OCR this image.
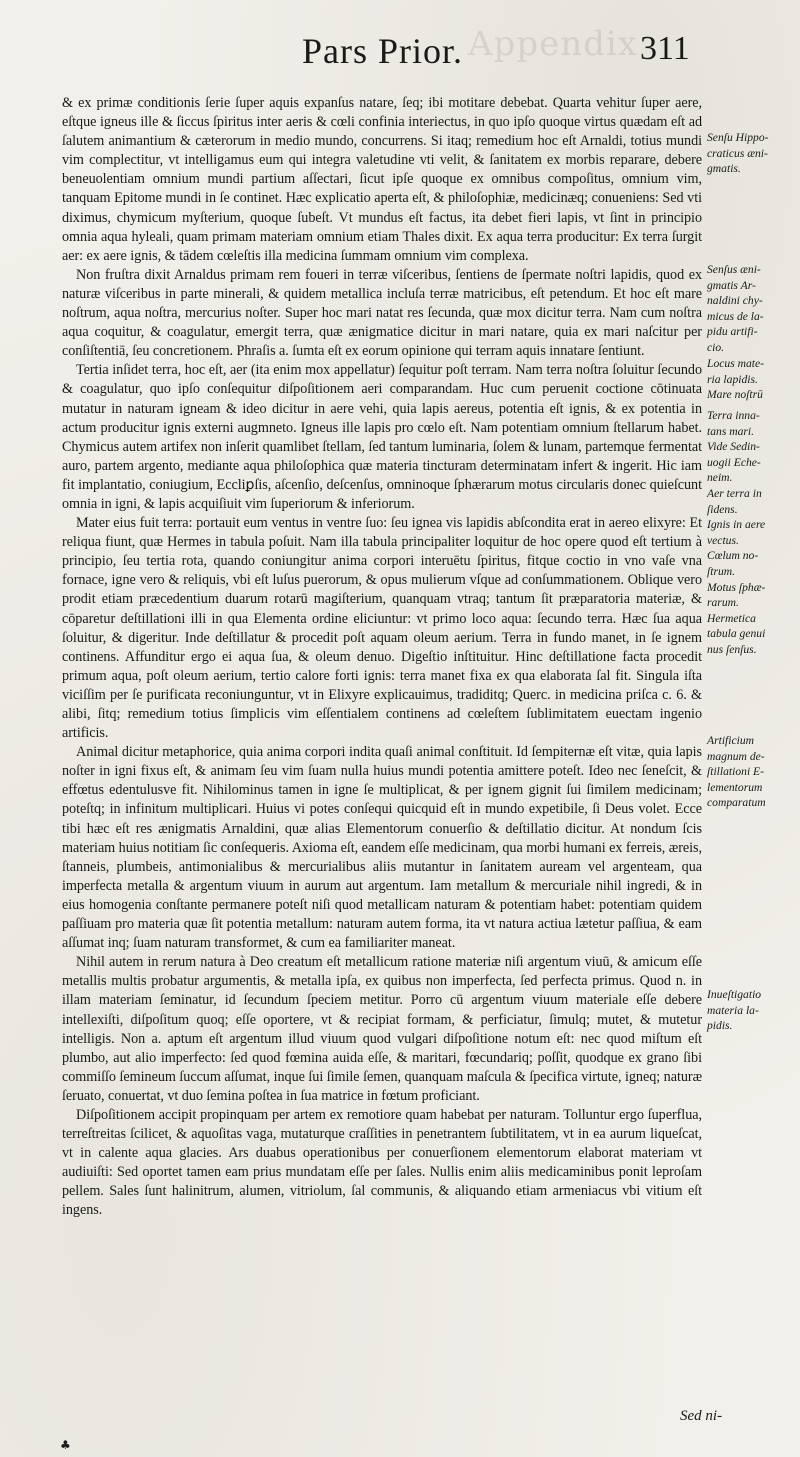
Appendix
Pars Prior.	311

& ex primæ conditionis ſerie ſuper aquis expanſus natare, ſeq; ibi motitare debebat. Quarta vehitur ſuper aere, eſtque igneus ille & ſiccus ſpiritus inter aeris & cœli confinia interiectus, in quo ipſo quoque virtus quædam eſt ad ſalutem animantium & cæterorum in medio mundo, concurrens. Si itaq; remedium hoc eſt Arnaldi, totius mundi vim complectitur, vt intelligamus eum qui integra valetudine vti velit, & ſanitatem ex morbis reparare, debere beneuolentiam omnium mundi partium aſſectari, ſicut ipſe quoque ex omnibus compoſitus, omnium vim, tanquam Epitome mundi in ſe continet. Hæc explicatio aperta eſt, & philoſophiæ, medicinæq; conueniens: Sed vti diximus, chymicum myſterium, quoque ſubeſt. Vt mundus eſt factus, ita debet fieri lapis, vt ſint in principio omnia aqua hyleali, quam primam materiam omnium etiam Thales dixit. Ex aqua terra producitur: Ex terra ſurgit aer: ex aere ignis, & tādem cœleſtis illa medicina ſummam omnium vim complexa.

Non fruſtra dixit Arnaldus primam rem foueri in terræ viſceribus, ſentiens de ſpermate noſtri lapidis, quod ex naturæ viſceribus in parte minerali, & quidem metallica incluſa terræ matricibus, eſt petendum. Et hoc eſt mare noſtrum, aqua noſtra, mercurius noſter. Super hoc mari natat res ſecunda, quæ mox dicitur terra. Nam cum noſtra aqua coquitur, & coagulatur, emergit terra, quæ ænigmatice dicitur in mari natare, quia ex mari naſcitur per conſiſtentiā, ſeu concretionem. Phraſis a. ſumta eſt ex eorum opinione qui terram aquis innatare ſentiunt.

Tertia inſidet terra, hoc eſt, aer (ita enim mox appellatur) ſequitur poſt terram. Nam terra noſtra ſoluitur ſecundo & coagulatur, quo ipſo conſequitur diſpoſitionem aeri comparandam. Huc cum peruenit coctione cōtinuata mutatur in naturam igneam & ideo dicitur in aere vehi, quia lapis aereus, potentia eſt ignis, & ex potentia in actum producitur ignis externi augmneto. Igneus ille lapis pro cœlo eſt. Nam potentiam omnium ſtellarum habet. Chymicus autem artifex non inſerit quamlibet ſtellam, ſed tantum luminaria, ſolem & lunam, partemque fermentat auro, partem argento, mediante aqua philoſophica quæ materia tincturam determinatam infert & ingerit. Hic iam fit implantatio, coniugium, Eccliꝑſis, aſcenſio, deſcenſus, omninoque ſphærarum motus circularis donec quieſcunt omnia in igni, & lapis acquiſiuit vim ſuperiorum & inferiorum.

Mater eius fuit terra: portauit eum ventus in ventre ſuo: ſeu ignea vis lapidis abſcondita erat in aereo elixyre: Et reliqua fiunt, quæ Hermes in tabula poſuit. Nam illa tabula principaliter loquitur de hoc opere quod eſt tertium à principio, ſeu tertia rota, quando coniungitur anima corpori interuētu ſpiritus, fitque coctio in vno vaſe vna fornace, igne vero & reliquis, vbi eſt luſus puerorum, & opus mulierum vſque ad conſummationem. Oblique vero prodit etiam præcedentium duarum rotarū magiſterium, quanquam vtraq; tantum ſit præparatoria materiæ, & cōparetur deſtillationi illi in qua Elementa ordine eliciuntur: vt primo loco aqua: ſecundo terra. Hæc ſua aqua ſoluitur, & digeritur. Inde deſtillatur & procedit poſt aquam oleum aerium. Terra in fundo manet, in ſe ignem continens. Affunditur ergo ei aqua ſua, & oleum denuo. Digeſtio inſtituitur. Hinc deſtillatione facta procedit primum aqua, poſt oleum aerium, tertio calore forti ignis: terra manet fixa ex qua elaborata ſal fit. Singula iſta viciſſim per ſe purificata reconiunguntur, vt in Elixyre explicauimus, tradiditq; Querc. in medicina priſca c. 6. & alibi, ſitq; remedium totius ſimplicis vim eſſentialem continens ad cœleſtem ſublimitatem euectam ingenio artificis.

Animal dicitur metaphorice, quia anima corpori indita quaſi animal conſtituit. Id ſempiternæ eſt vitæ, quia lapis noſter in igni fixus eſt, & animam ſeu vim ſuam nulla huius mundi potentia amittere poteſt. Ideo nec ſeneſcit, & effœtus edentulusve fit. Nihilominus tamen in igne ſe multiplicat, & per ignem gignit ſui ſimilem medicinam; poteſtq; in infinitum multiplicari. Huius vi potes conſequi quicquid eſt in mundo expetibile, ſi Deus volet. Ecce tibi hæc eſt res ænigmatis Arnaldini, quæ alias Elementorum conuerſio & deſtillatio dicitur. At nondum ſcis materiam huius notitiam ſic conſequeris. Axioma eſt, eandem eſſe medicinam, qua morbi humani ex ferreis, æreis, ſtanneis, plumbeis, antimonialibus & mercurialibus aliis mutantur in ſanitatem auream vel argenteam, qua imperfecta metalla & argentum viuum in aurum aut argentum. Iam metallum & mercuriale nihil ingredi, & in eius homogenia conſtante permanere poteſt niſi quod metallicam naturam & potentiam habet: potentiam quidem paſſiuam pro materia quæ ſit potentia metallum: naturam autem forma, ita vt natura actiua lætetur paſſiua, & eam aſſumat inq; ſuam naturam transformet, & cum ea familiariter maneat.

Nihil autem in rerum natura à Deo creatum eſt metallicum ratione materiæ niſi argentum viuū, & amicum eſſe metallis multis probatur argumentis, & metalla ipſa, ex quibus non imperfecta, ſed perfecta primus. Quod n. in illam materiam ſeminatur, id ſecundum ſpeciem metitur. Porro cū argentum viuum materiale eſſe debere intellexiſti, diſpoſitum quoq; eſſe oportere, vt & recipiat formam, & perficiatur, ſimulq; mutet, & mutetur intelligis. Non a. aptum eſt argentum illud viuum quod vulgari diſpoſitione notum eſt: nec quod miſtum eſt plumbo, aut alio imperfecto: ſed quod fœmina auida eſſe, & maritari, fœcundariq; poſſit, quodque ex grano ſibi commiſſo ſemineum ſuccum aſſumat, inque ſui ſimile ſemen, quanquam maſcula & ſpecifica virtute, igneq; naturæ ſeruato, conuertat, vt duo ſemina poſtea in ſua matrice in fœtum proficiant.

Diſpoſitionem accipit propinquam per artem ex remotiore quam habebat per naturam. Tolluntur ergo ſuperflua, terreſtreitas ſcilicet, & aquoſitas vaga, mutaturque craſſities in penetrantem ſubtilitatem, vt in ea aurum liqueſcat, vt in calente aqua glacies. Ars duabus operationibus per conuerſionem elementorum elaborat materiam vt audiuiſti: Sed oportet tamen eam prius mundatam eſſe per ſales. Nullis enim aliis medicaminibus ponit leproſam pellem. Sales ſunt halinitrum, alumen, vitriolum, ſal communis, & aliquando etiam armeniacus vbi vitium eſt ingens.

Senſu Hippo-
craticus æni-
gmatis.
Senſus æni-
gmatis Ar-
naldini chy-
micus de la-
pidu artifi-
cio.
Locus mate-
ria lapidis.
Mare noſtrū
Terra inna-
tans mari.
Vide Sedin-
uogii Eche-
neim.
Aer terra in
ſidens.
Ignis in aere
vectus.
Cœlum no-
ſtrum.
Motus ſphæ-
rarum.
Hermetica
tabula genui
nus ſenſus.
Artificium
magnum de-
ſtillationi E-
lementorum
comparatum
Inueſtigatio
materia la-
pidis.
Sed ni-
♣
